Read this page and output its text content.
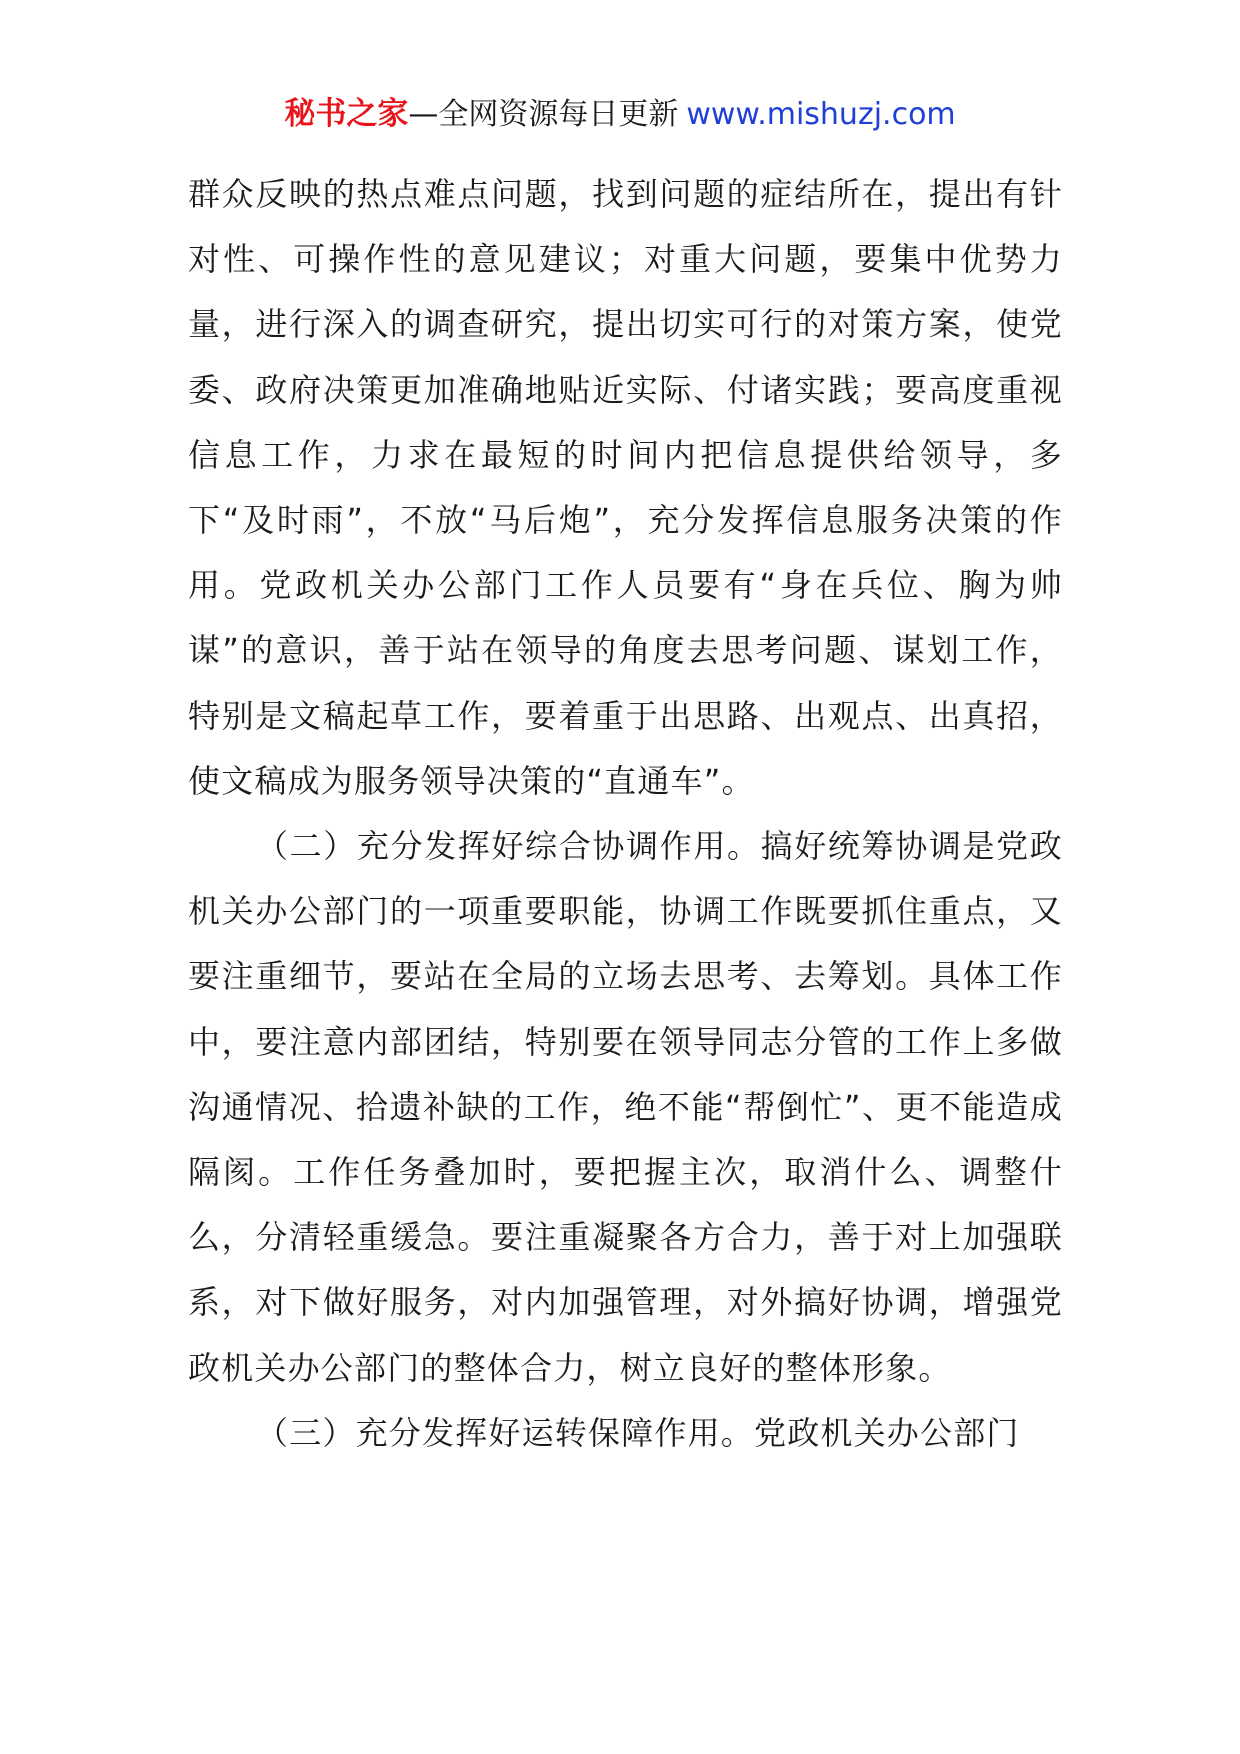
秘书之家—全网资源每日更新 www.mishuzj.com

群众反映的热点难点问题，找到问题的症结所在，提出有针对性、可操作性的意见建议；对重大问题，要集中优势力量，进行深入的调查研究，提出切实可行的对策方案，使党委、政府决策更加准确地贴近实际、付诸实践；要高度重视信息工作，力求在最短的时间内把信息提供给领导，多下“及时雨”，不放“马后炮”，充分发挥信息服务决策的作用。党政机关办公部门工作人员要有“身在兵位、胸为帅谋”的意识，善于站在领导的角度去思考问题、谋划工作，特别是文稿起草工作，要着重于出思路、出观点、出真招，使文稿成为服务领导决策的“直通车”。

（二）充分发挥好综合协调作用。搞好统筹协调是党政机关办公部门的一项重要职能，协调工作既要抓住重点，又要注重细节，要站在全局的立场去思考、去筹划。具体工作中，要注意内部团结，特别要在领导同志分管的工作上多做沟通情况、拾遗补缺的工作，绝不能“帮倒忙”、更不能造成隔阂。工作任务叠加时，要把握主次，取消什么、调整什么，分清轻重缓急。要注重凝聚各方合力，善于对上加强联系，对下做好服务，对内加强管理，对外搞好协调，增强党政机关办公部门的整体合力，树立良好的整体形象。

（三）充分发挥好运转保障作用。党政机关办公部门
